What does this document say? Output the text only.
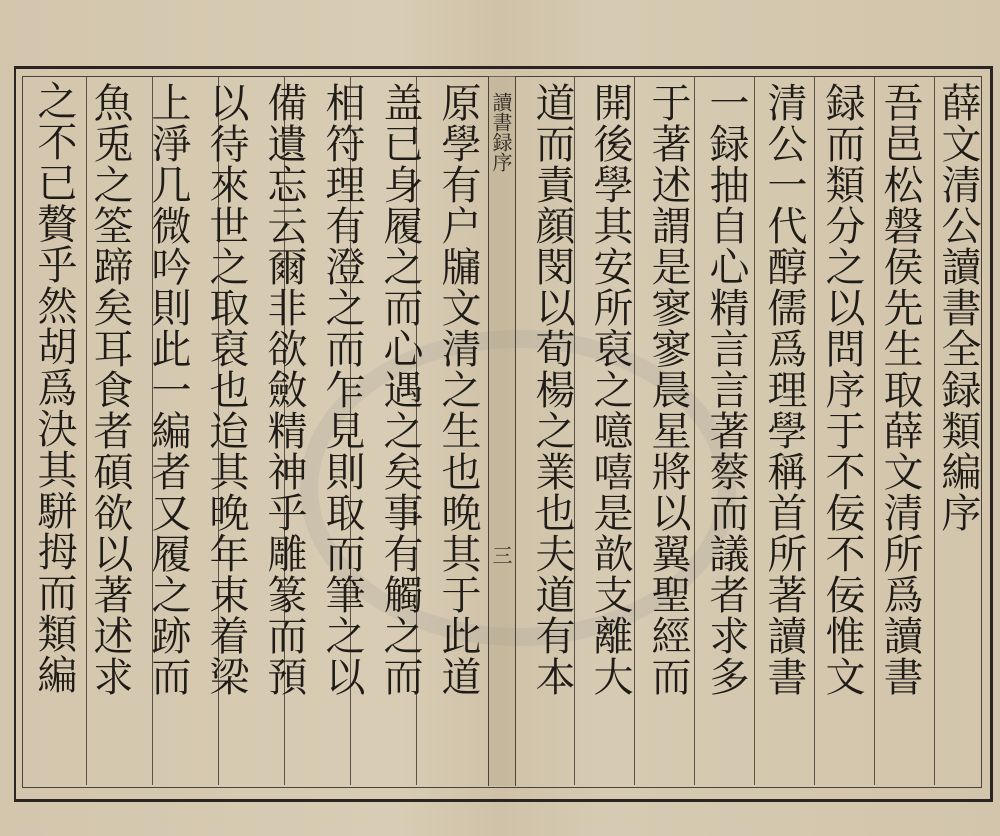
讀書録序
三
薛文清公讀書全録類編序
吾邑松磐侯先生取薛文清所爲讀書
録而類分之以問序于不佞不佞惟文
清公一代醇儒爲理學稱首所著讀書
一録抽自心精言言著蔡而議者求多
于著述謂是寥寥晨星將以翼聖經而
開後學其安所裒之噫嘻是歆支離大
道而責顔閔以荀楊之業也夫道有本
原學有户牖文清之生也晚其于此道
盖已身履之而心遇之矣事有觸之而
相符理有澄之而乍見則取而筆之以
備遺忘云爾非欲斂精神乎雕篆而預
以待來世之取裒也迨其晚年束着梁
上淨几微吟則此一編者又履之跡而
魚兎之筌蹄矣耳食者碩欲以著述求
之不已贅乎然胡爲決其駢拇而類編
